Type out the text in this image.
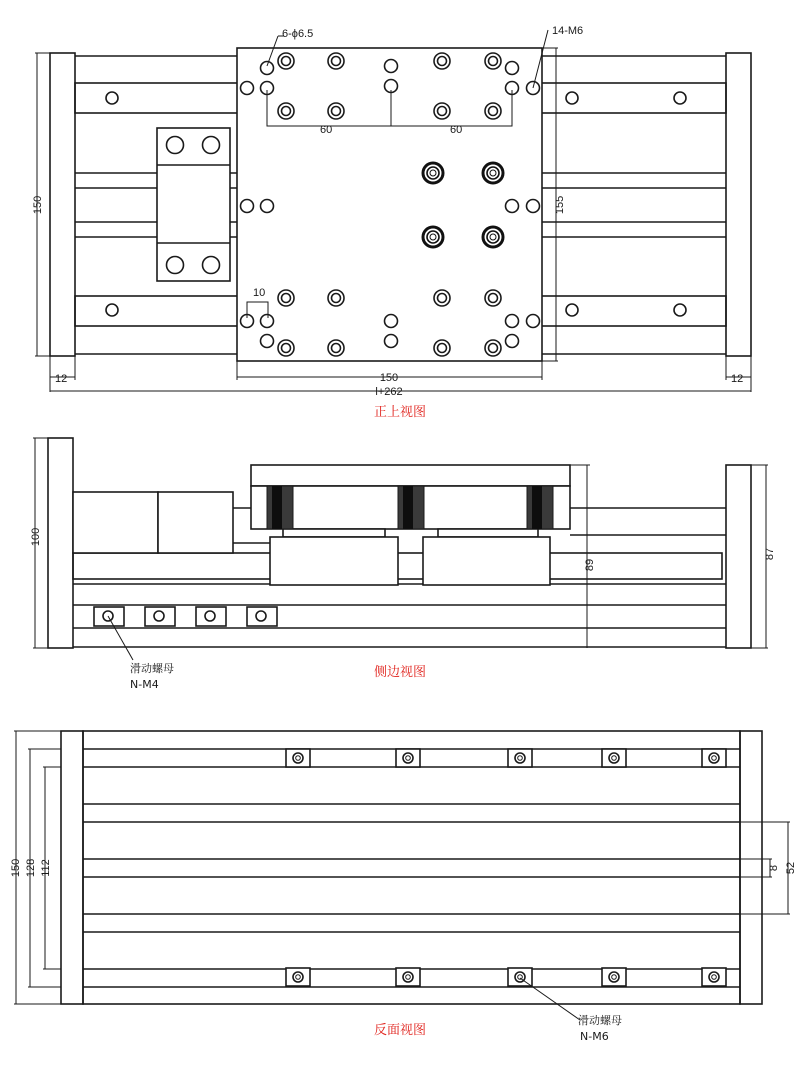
60	60
10
6-ϕ6.5	14-M6
150	155
12	12
150
l+262
正上视图
100
87
89
滑动螺母
N-M4
侧边视图
150 128 112	8 52
滑动螺母
N-M6
反面视图
